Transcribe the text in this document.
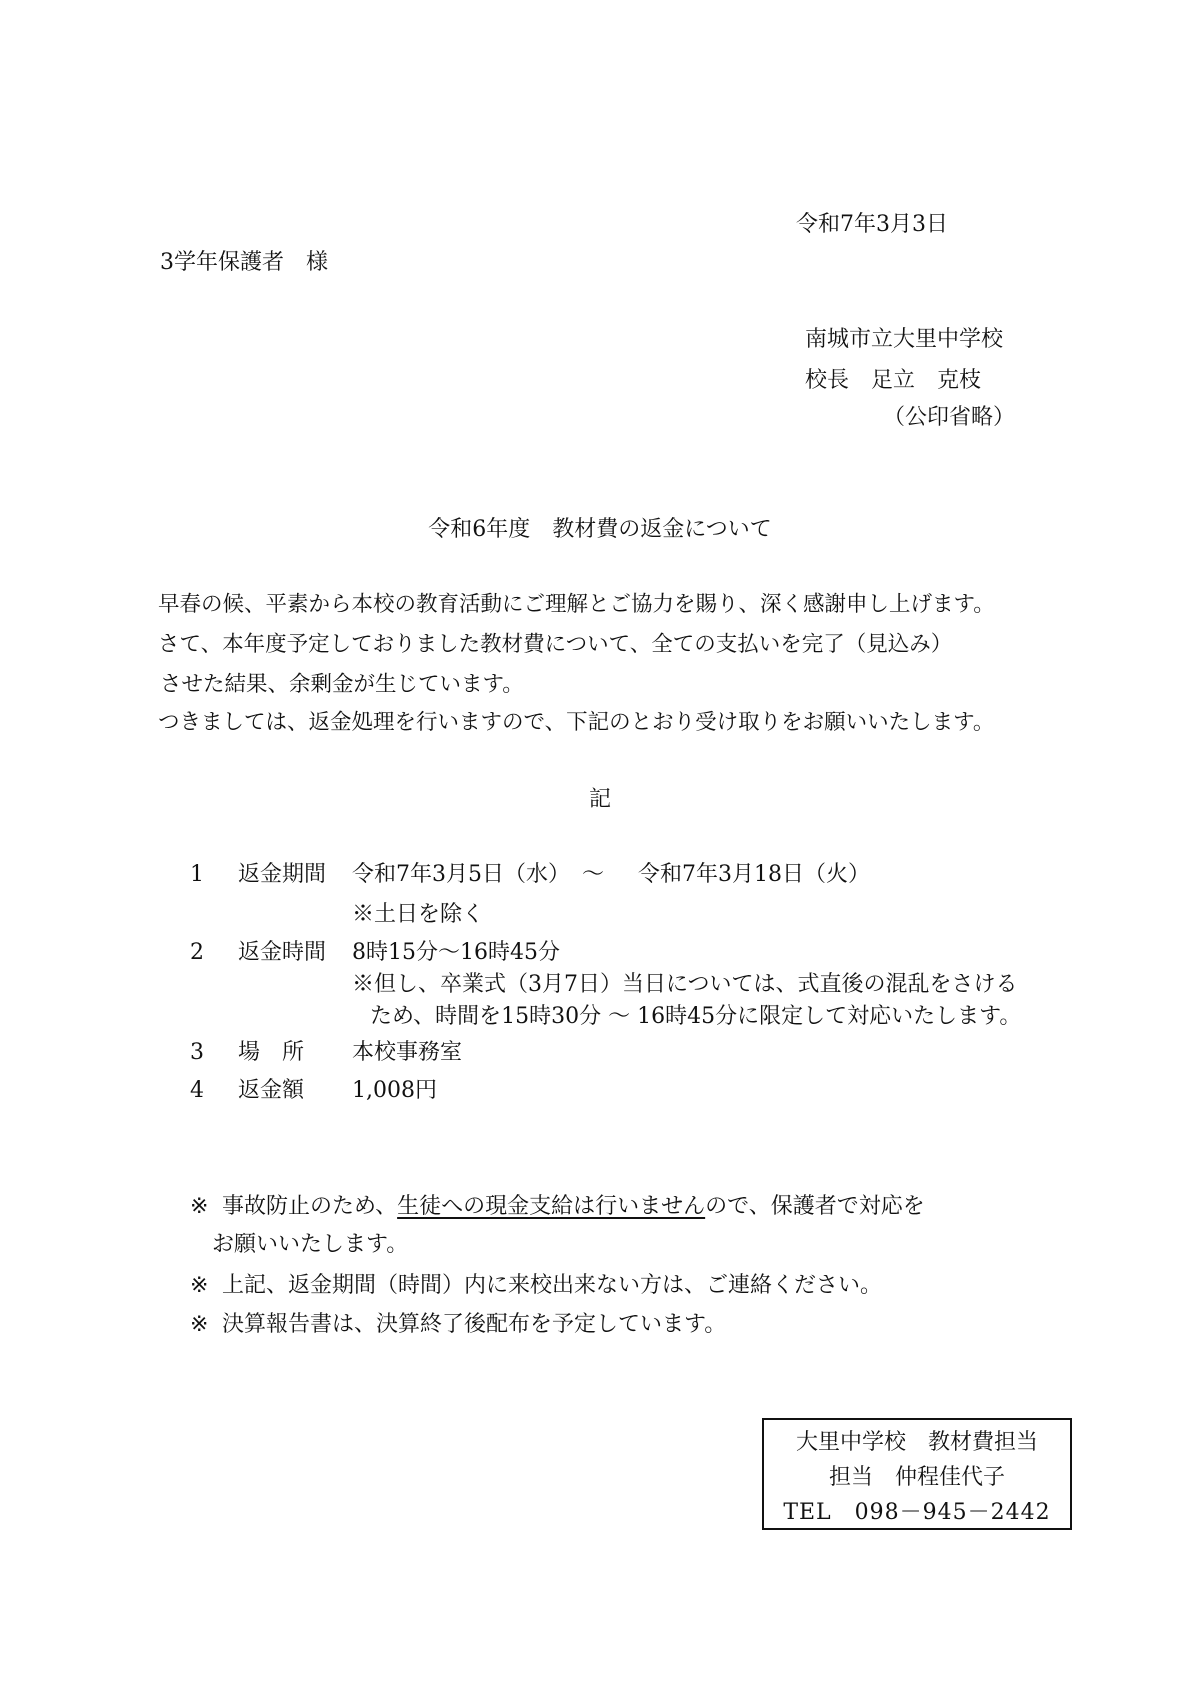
令和7年3月3日
3学年保護者　様
南城市立大里中学校
校長　足立　克枝
（公印省略）
令和6年度　教材費の返金について
早春の候、平素から本校の教育活動にご理解とご協力を賜り、深く感謝申し上げます。
さて、本年度予定しておりました教材費について、全ての支払いを完了（見込み）
させた結果、余剰金が生じています。
つきましては、返金処理を行いますので、下記のとおり受け取りをお願いいたします。
記
1 返金期間 令和7年3月5日（水） ～ 令和7年3月18日（火）
※土日を除く
2 返金時間 8時15分～16時45分
※但し、卒業式（3月7日）当日については、式直後の混乱をさける
ため、時間を15時30分 ～ 16時45分に限定して対応いたします。
3 場　所 本校事務室
4 返金額 1,008円
※ 事故防止のため、生徒への現金支給は行いませんので、保護者で対応を
お願いいたします。
※ 上記、返金期間（時間）内に来校出来ない方は、ご連絡ください。
※ 決算報告書は、決算終了後配布を予定しています。
大里中学校　教材費担当
担当　仲程佳代子
TEL　098－945－2442
